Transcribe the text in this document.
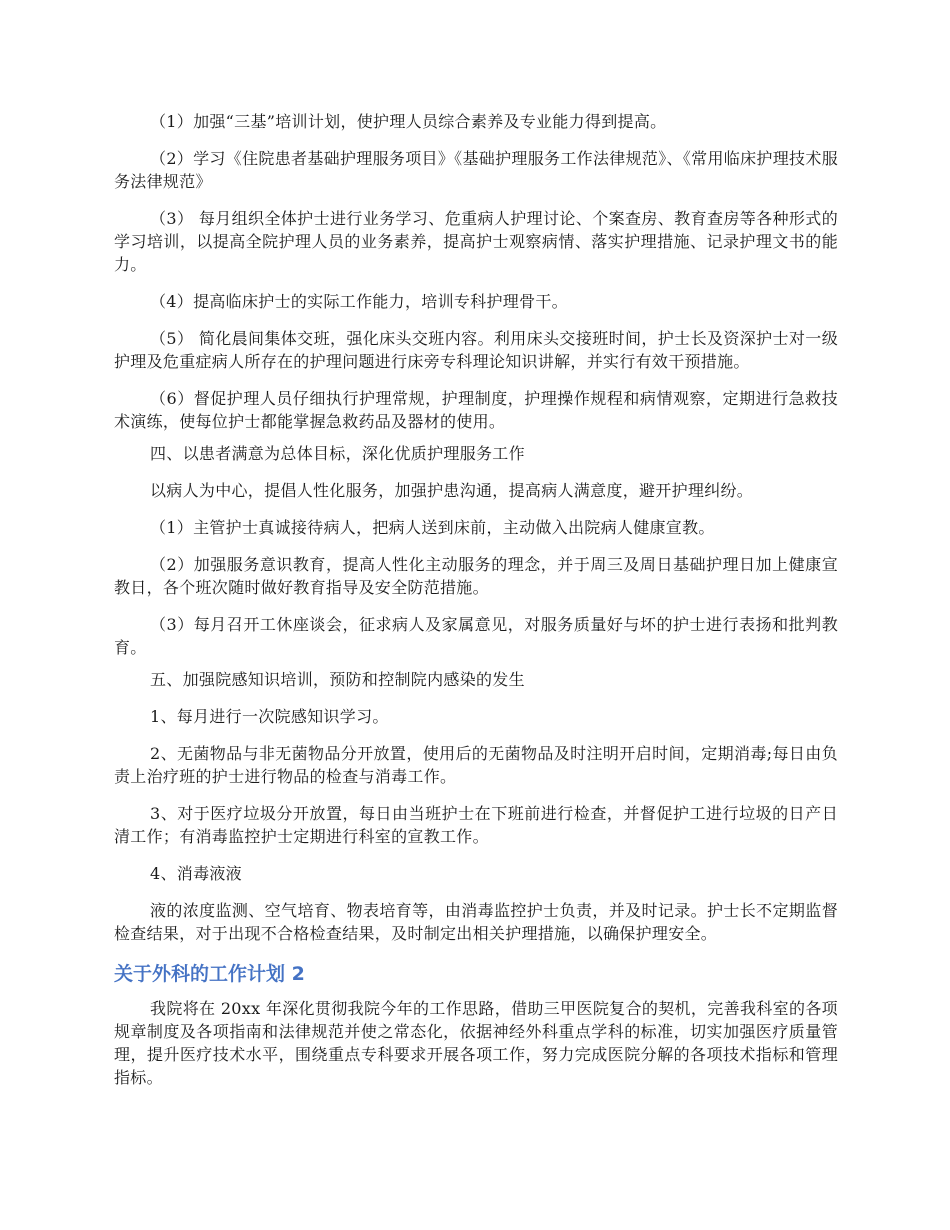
（1）加强“三基”培训计划，使护理人员综合素养及专业能力得到提高。

（2）学习《住院患者基础护理服务项目》《基础护理服务工作法律规范》、《常用临床护理技术服务法律规范》

（3） 每月组织全体护士进行业务学习、危重病人护理讨论、个案查房、教育查房等各种形式的学习培训，以提高全院护理人员的业务素养，提高护士观察病情、落实护理措施、记录护理文书的能力。

（4）提高临床护士的实际工作能力，培训专科护理骨干。

（5） 简化晨间集体交班，强化床头交班内容。利用床头交接班时间，护士长及资深护士对一级护理及危重症病人所存在的护理问题进行床旁专科理论知识讲解，并实行有效干预措施。

（6）督促护理人员仔细执行护理常规，护理制度，护理操作规程和病情观察，定期进行急救技术演练，使每位护士都能掌握急救药品及器材的使用。

四、以患者满意为总体目标，深化优质护理服务工作

以病人为中心，提倡人性化服务，加强护患沟通，提高病人满意度，避开护理纠纷。

（1）主管护士真诚接待病人，把病人送到床前，主动做入出院病人健康宣教。

（2）加强服务意识教育，提高人性化主动服务的理念，并于周三及周日基础护理日加上健康宣教日，各个班次随时做好教育指导及安全防范措施。

（3）每月召开工休座谈会，征求病人及家属意见，对服务质量好与坏的护士进行表扬和批判教育。

五、加强院感知识培训，预防和控制院内感染的发生

1、每月进行一次院感知识学习。

2、无菌物品与非无菌物品分开放置，使用后的无菌物品及时注明开启时间，定期消毒;每日由负责上治疗班的护士进行物品的检查与消毒工作。

3、对于医疗垃圾分开放置，每日由当班护士在下班前进行检查，并督促护工进行垃圾的日产日清工作；有消毒监控护士定期进行科室的宣教工作。

4、消毒液液

液的浓度监测、空气培育、物表培育等，由消毒监控护士负责，并及时记录。护士长不定期监督检查结果，对于出现不合格检查结果，及时制定出相关护理措施，以确保护理安全。

关于外科的工作计划 2

我院将在 20xx 年深化贯彻我院今年的工作思路，借助三甲医院复合的契机，完善我科室的各项规章制度及各项指南和法律规范并使之常态化，依据神经外科重点学科的标准，切实加强医疗质量管理，提升医疗技术水平，围绕重点专科要求开展各项工作，努力完成医院分解的各项技术指标和管理指标。
